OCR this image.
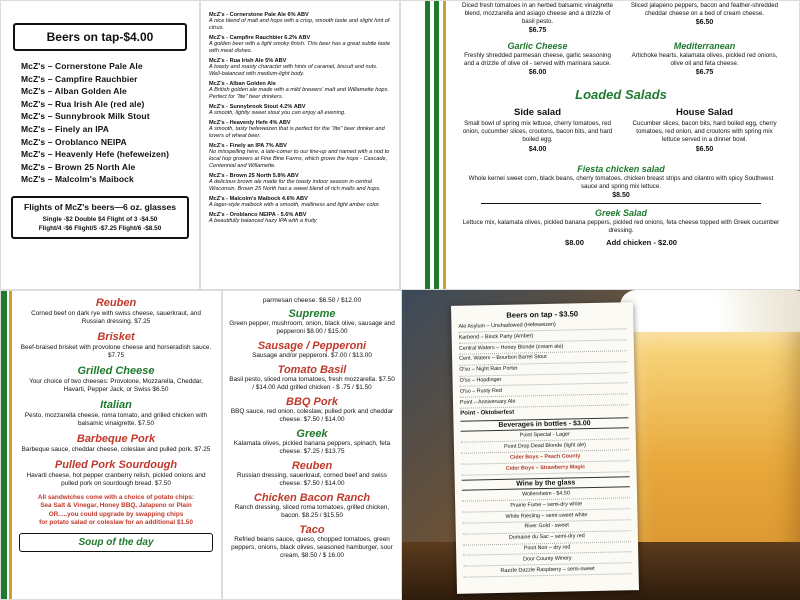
Beers on tap-$4.00
McZ's – Cornerstone Pale Ale
McZ's – Campfire Rauchbier
McZ's – Alban Golden Ale
McZ's – Rua Irish Ale (red ale)
McZ's – Sunnybrook Milk Stout
McZ's – Finely an IPA
McZ's – Oroblanco NEIPA
McZ's – Heavenly Hefe (hefeweizen)
McZ's – Brown 25 North Ale
McZ's – Malcolm's Maibock
Flights of McZ's beers—6 oz. glasses
Single -$2 Double $4 Flight of 3 -$4.50
Flight/4 -$6 Flight/5 -$7.25 Flight/6 -$8.50
McZ's - Cornerstone Pale Ale 6% ABV
A nice blend of malt and hops with a crisp, smooth taste and slight hint of citrus.
McZ's - Campfire Rauchbier 6.2% ABV
A golden beer with a light smoky finish. This beer has a great subtle taste with meat dishes.
McZ's - Rua Irish Ale 5% ABV
A toasty and roasty character with hints of caramel, biscuit and nuts. Well-balanced with medium-light body.
McZ's - Alban Golden Ale
A British golden ale made with a mild brewers' malt and Willamette hops. Perfect for "lite" beer drinkers.
McZ's - Sunnybrook Stout 4.2% ABV
A smooth, lightly sweet stout you can enjoy all evening.
McZ's - Heavenly Hefe 4% ABV
A smooth, tasty hefeweizen that is perfect for the "lite" beer drinker and lovers of wheat beer.
McZ's - Finely an IPA 7% ABV
No misspelling here, a late-comer to our line-up and named with a nod to local hop growers at Fine Bine Farms, which grows the hops - Cascade, Centennial and Willamette.
McZ's - Brown 25 North 5.8% ABV
A delicious brown ale made for the toasty indoor season in central Wisconsin. Brown 25 North has a sweet blend of rich malts and hops.
McZ's - Malcolm's Maibock 4.6% ABV
A lager-style maibock with a smooth, maltiness and light amber color.
McZ's - Oroblanco NEIPA - 5.6% ABV
A beautifully balanced hazy IPA with a fruity
Diced fresh tomatoes in an herbed balsamic vinaigrette blend, mozzarella and asiago cheese and a drizzle of basil pesto.
$6.75
Sliced jalapeno peppers, bacon and feather-shredded cheddar cheese on a bed of cream cheese.
$6.50
Garlic Cheese
Freshly shredded parmesan cheese, garlic seasoning and a drizzle of olive oil - served with marinara sauce.
$6.00
Mediterranean
Artichoke hearts, kalamata olives, pickled red onions, olive oil and feta cheese.
$6.75
Loaded Salads
Side salad
Small bowl of spring mix lettuce, cherry tomatoes, red onion, cucumber slices, croutons, bacon bits, and hard boiled egg.
$4.00
House Salad
Cucumber slices, bacon bits, hard boiled egg, cherry tomatoes, red onion, and croutons with spring mix lettuce served in a dinner bowl.
$6.50
Fiesta chicken salad
Whole kernel sweet corn, black beans, cherry tomatoes, chicken breast strips and cilantro with spicy Southwest sauce and spring mix lettuce.
$8.50
Greek Salad
Lettuce mix, kalamata olives, pickled banana peppers, pickled red onions, feta cheese topped with Greek cucumber dressing.
$8.00	Add chicken - $2.00
Reuben
Corned beef on dark rye with swiss cheese, sauerkraut, and Russian dressing. $7.25
Brisket
Beef-braised brisket with provolone cheese and horseradish sauce. $7.75
Grilled Cheese
Your choice of two cheeses: Provolone, Mozzarella, Cheddar, Havarti, Pepper Jack, or Swiss $6.50
Italian
Pesto, mozzarella cheese, roma tomato, and grilled chicken with balsamic vinaigrette. $7.50
Barbeque Pork
Barbeque sauce, cheddar cheese, coleslaw and pulled pork. $7.25
Pulled Pork Sourdough
Havarti cheese, hot pepper cranberry relish, pickled onions and pulled pork on sourdough bread. $7.50
All sandwiches come with a choice of potato chips:
Sea Salt & Vinegar, Honey BBQ, Jalapeno or Plain
OR.....you could upgrade by swapping chips
for potato salad or coleslaw for an additional $1.50
Soup of the day
parmesan cheese. $6.50 / $12.00
Supreme
Green pepper, mushroom, onion, black olive, sausage and pepperoni $8.00 / $15.00
Sausage / Pepperoni
Sausage and/or pepperoni. $7.00 / $13.00
Tomato Basil
Basil pesto, sliced roma tomatoes, fresh mozzarella. $7.50 / $14.00 Add grilled chicken - $ .75 / $1.50
BBQ Pork
BBQ sauce, red onion, coleslaw, pulled pork and cheddar cheese. $7.50 / $14.00
Greek
Kalamata olives, pickled banana peppers, spinach, feta cheese. $7.25 / $13.75
Reuben
Russian dressing, sauerkraut, corned beef and swiss cheese. $7.50 / $14.00
Chicken Bacon Ranch
Ranch dressing, sliced roma tomatoes, grilled chicken, bacon. $8.25 / $15.50
Taco
Refried beans sauce, queso, chopped tomatoes, green peppers, onions, black olives, seasoned hamburger, sour cream, $8.50 / $ 16.00
Beers on tap - $3.50
Ale Asylum – Unshadowed (Hefeweizen)
Karbend – Block Party (Amber)
Central Waters – Honey Blonde (cream ale)
Cent. Waters – Bourbon Barrel Stout
O'so – Night Rain Porter
O'so – Hopdinger
O'so – Rusty Red
Point – Anniversary Ale
Point - Oktoberfest
Beverages in bottles - $3.00
Point Special - Lager
Point Drop Dead Blonde (light ale)
Cider Boys – Peach County
Cider Boys – Strawberry Magic
Wine by the glass
Wollersheim - $4.50
Prairie Fume – semi-dry white
White Riesling – semi-sweet white
River Gold - sweet
Domaine du Sac – semi-dry red
Pinot Noir – dry red
Door County Winery
Razzle Dazzle Raspberry – semi-sweet
